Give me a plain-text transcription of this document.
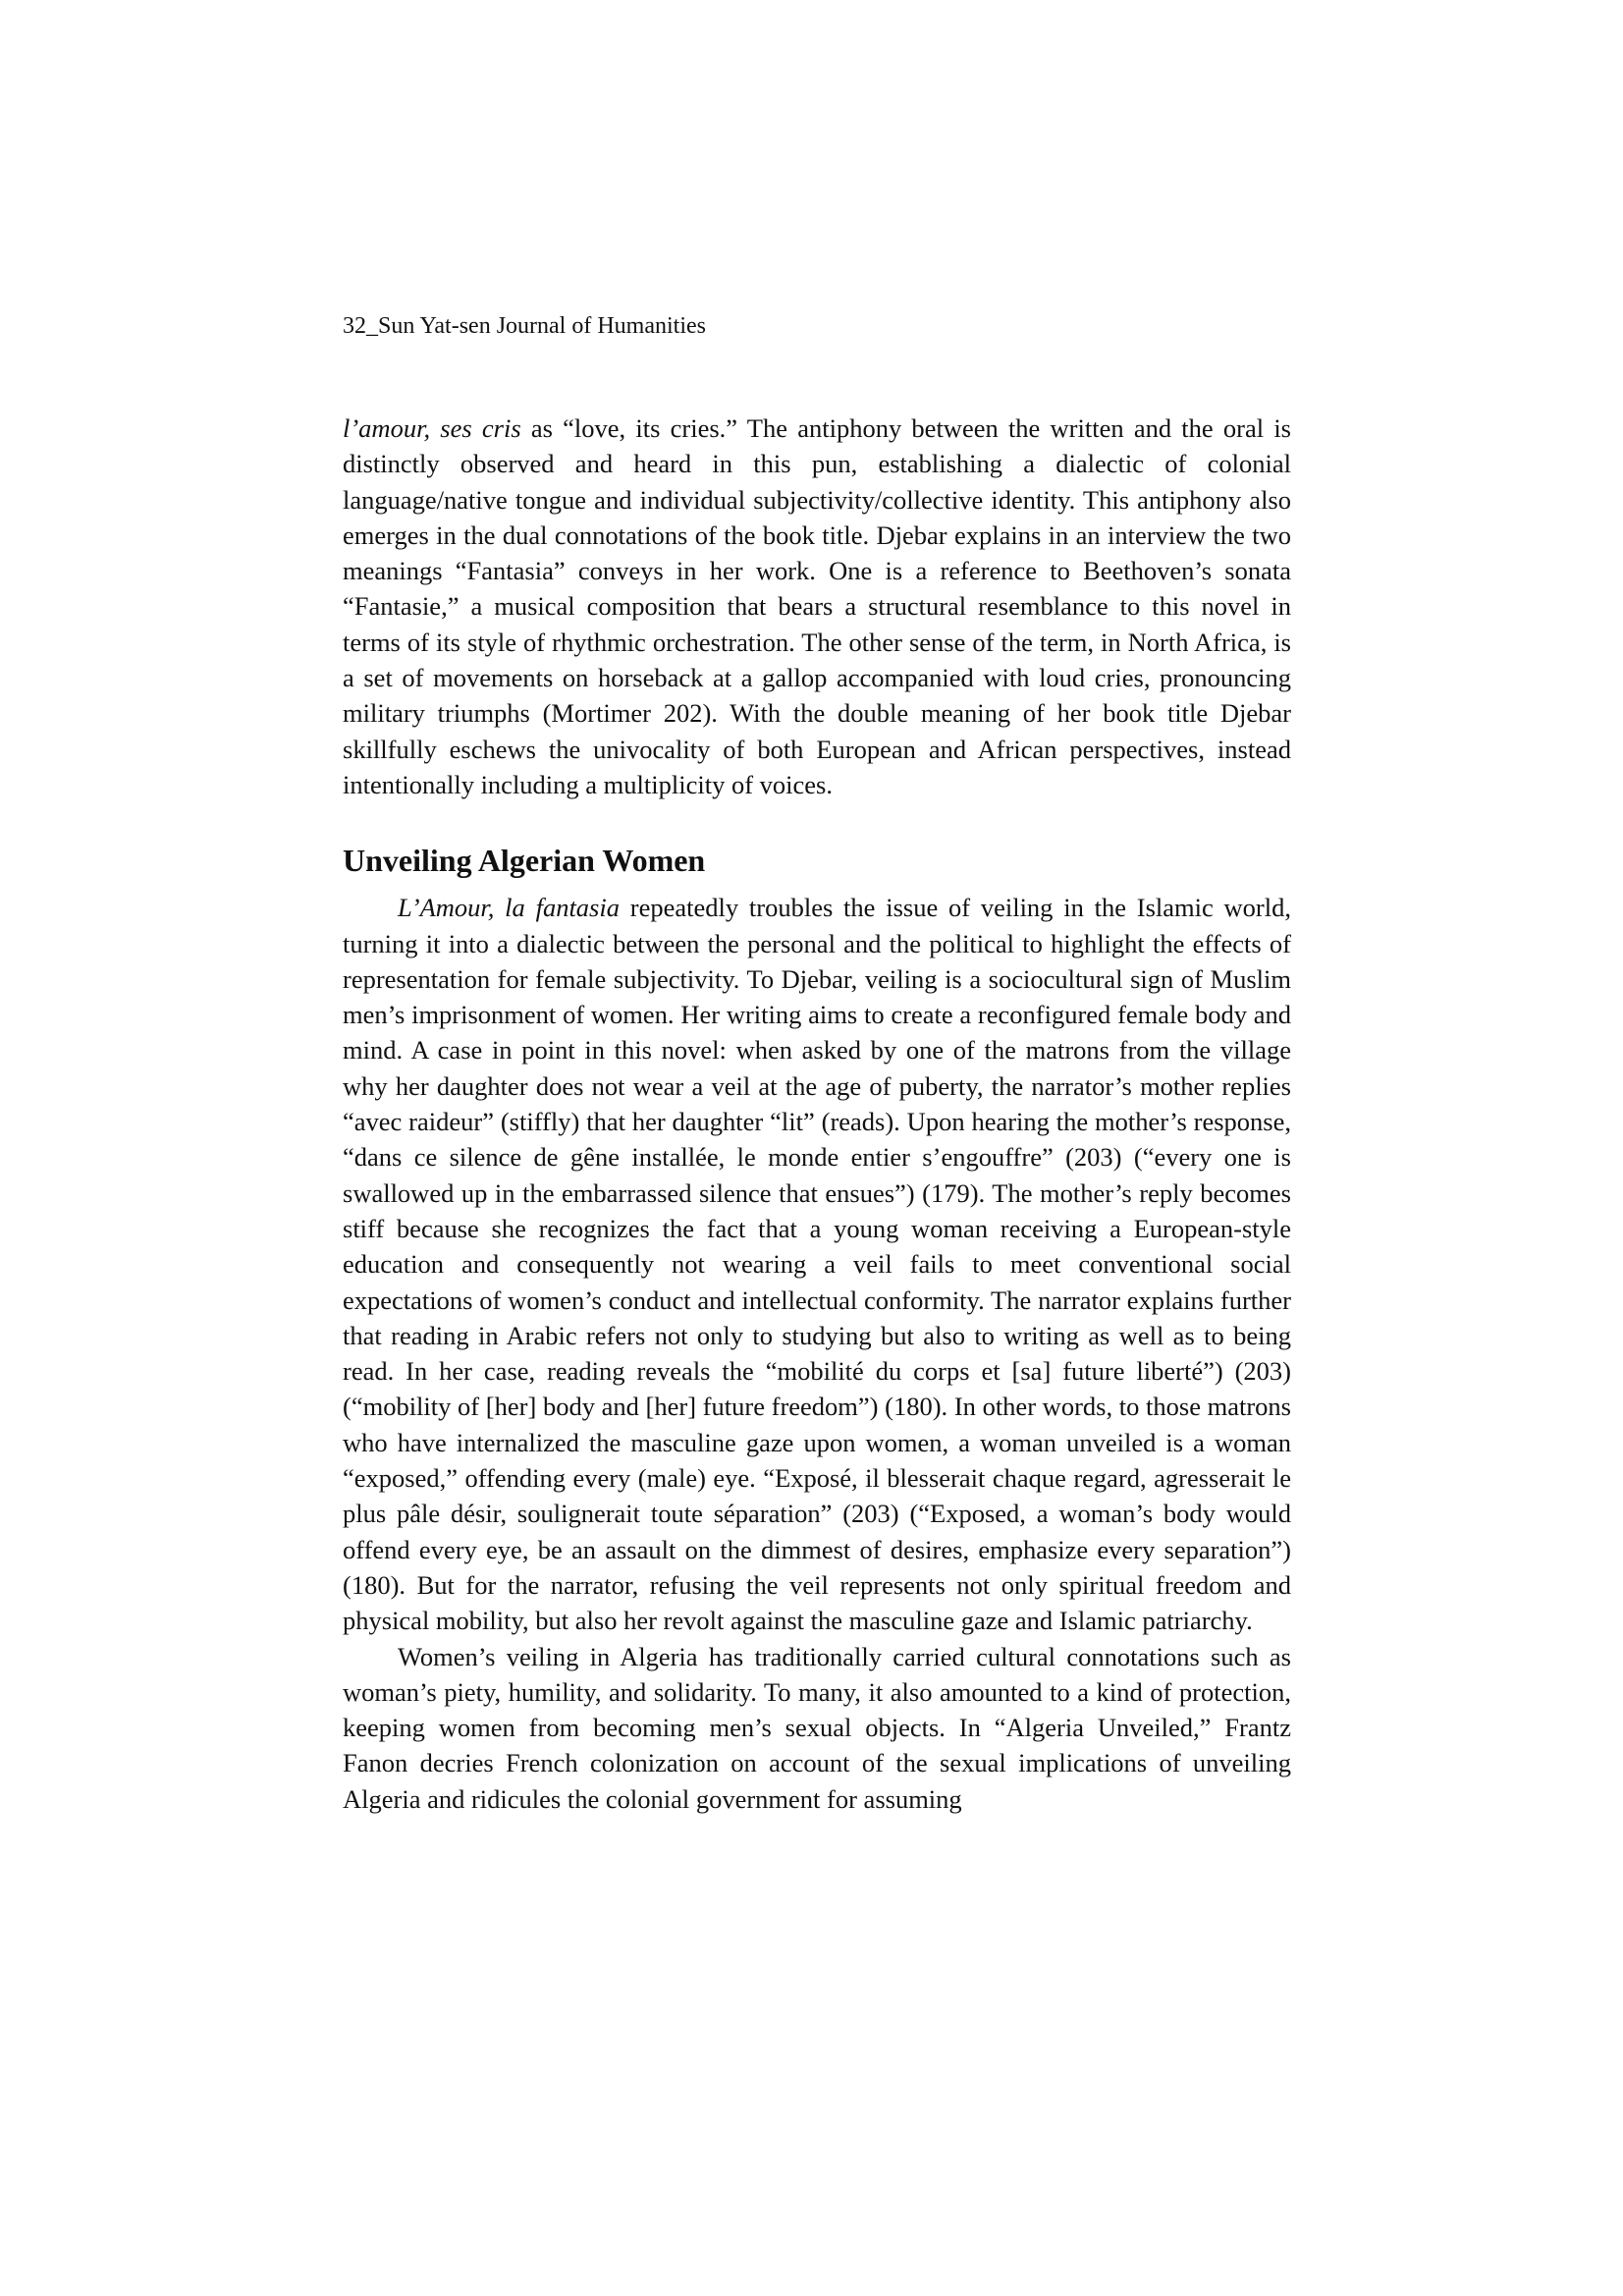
32_Sun Yat-sen Journal of Humanities

l’amour, ses cris as “love, its cries.” The antiphony between the written and the oral is distinctly observed and heard in this pun, establishing a dialectic of colonial language/native tongue and individual subjectivity/collective identity. This antiphony also emerges in the dual connotations of the book title. Djebar explains in an interview the two meanings “Fantasia” conveys in her work. One is a reference to Beethoven’s sonata “Fantasie,” a musical composition that bears a structural resemblance to this novel in terms of its style of rhythmic orchestration. The other sense of the term, in North Africa, is a set of movements on horseback at a gallop accompanied with loud cries, pronouncing military triumphs (Mortimer 202). With the double meaning of her book title Djebar skillfully eschews the univocality of both European and African perspectives, instead intentionally including a multiplicity of voices.

Unveiling Algerian Women

L’Amour, la fantasia repeatedly troubles the issue of veiling in the Islamic world, turning it into a dialectic between the personal and the political to highlight the effects of representation for female subjectivity. To Djebar, veiling is a sociocultural sign of Muslim men’s imprisonment of women. Her writing aims to create a reconfigured female body and mind. A case in point in this novel: when asked by one of the matrons from the village why her daughter does not wear a veil at the age of puberty, the narrator’s mother replies “avec raideur” (stiffly) that her daughter “lit” (reads). Upon hearing the mother’s response, “dans ce silence de gêne installée, le monde entier s’engouffre” (203) (“every one is swallowed up in the embarrassed silence that ensues”) (179). The mother’s reply becomes stiff because she recognizes the fact that a young woman receiving a European-style education and consequently not wearing a veil fails to meet conventional social expectations of women’s conduct and intellectual conformity. The narrator explains further that reading in Arabic refers not only to studying but also to writing as well as to being read. In her case, reading reveals the “mobilité du corps et [sa] future liberté”) (203) (“mobility of [her] body and [her] future freedom”) (180). In other words, to those matrons who have internalized the masculine gaze upon women, a woman unveiled is a woman “exposed,” offending every (male) eye. “Exposé, il blesserait chaque regard, agresserait le plus pâle désir, soulignerait toute séparation” (203) (“Exposed, a woman’s body would offend every eye, be an assault on the dimmest of desires, emphasize every separation”) (180). But for the narrator, refusing the veil represents not only spiritual freedom and physical mobility, but also her revolt against the masculine gaze and Islamic patriarchy.

Women’s veiling in Algeria has traditionally carried cultural connotations such as woman’s piety, humility, and solidarity. To many, it also amounted to a kind of protection, keeping women from becoming men’s sexual objects. In “Algeria Unveiled,” Frantz Fanon decries French colonization on account of the sexual implications of unveiling Algeria and ridicules the colonial government for assuming
